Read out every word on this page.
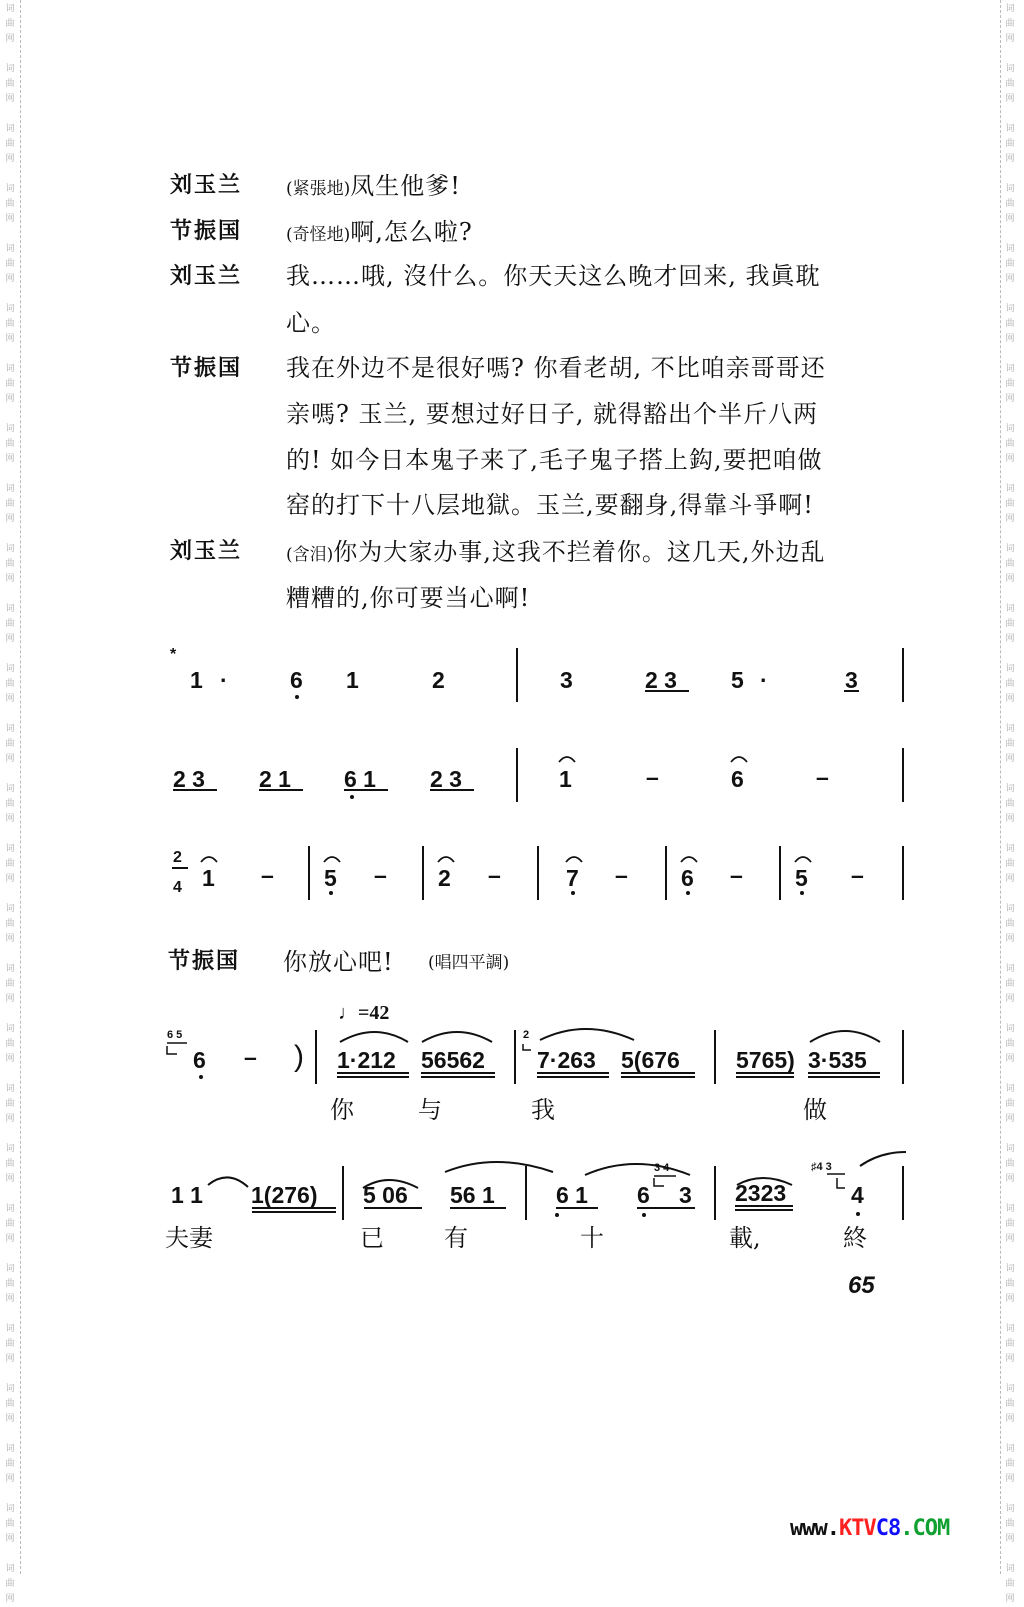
词
曲
网
词
曲
网
词
曲
网
词
曲
网
词
曲
网
词
曲
网
词
曲
网
词
曲
网
词
曲
网
词
曲
网
词
曲
网
词
曲
网
词
曲
网
词
曲
网
词
曲
网
词
曲
网
词
曲
网
词
曲
网
词
曲
网
词
曲
网
词
曲
网
词
曲
网
词
曲
网
词
曲
网
词
曲
网
词
曲
网
词
曲
网
词
曲
网
词
曲
网
词
曲
网
词
曲
网
词
曲
网
词
曲
网
词
曲
网
词
曲
网
词
曲
网
词
曲
网
词
曲
网
词
曲
网
词
曲
网
词
曲
网
词
曲
网
词
曲
网
词
曲
网
词
曲
网
词
曲
网
词
曲
网
词
曲
网
词
曲
网
词
曲
网
词
曲
网
词
曲
网
词
曲
网
词
曲
网
刘玉兰	(紧張地)凤生他爹!
节振国	(奇怪地)啊,怎么啦?
刘玉兰 我……哦, 沒什么。你天天这么晚才回来, 我眞耽
心。
节振国 我在外边不是很好嗎? 你看老胡, 不比咱亲哥哥还
亲嗎? 玉兰, 要想过好日子, 就得豁出个半斤八两
的! 如今日本鬼子来了,毛子鬼子搭上鈎,要把咱做
窑的打下十八层地獄。玉兰,要翻身,得靠斗爭啊!
刘玉兰	(含泪)你为大家办事,这我不拦着你。这几天,外边乱
糟糟的,你可要当心啊!
*
1 ·	6 1	2	3	2 3 5 ·	3
2 3 2 1 6 1 2 3	1	–	6	–
2
4 1 – 5 – 2 –	7 – 6 – 5 –
节振国 你放心吧! (唱四平調)
♩=42
6 5
6 – ) 1·212 56562
2
7·263 5(676 5765) 3·535
你	与	我	做
1 1 1(276) 5 06 56 1	6 1 6
3 4
3 2323
♯4 3
4
夫妻	已	有	十	載,	終
65
www.KTVC8.COM
